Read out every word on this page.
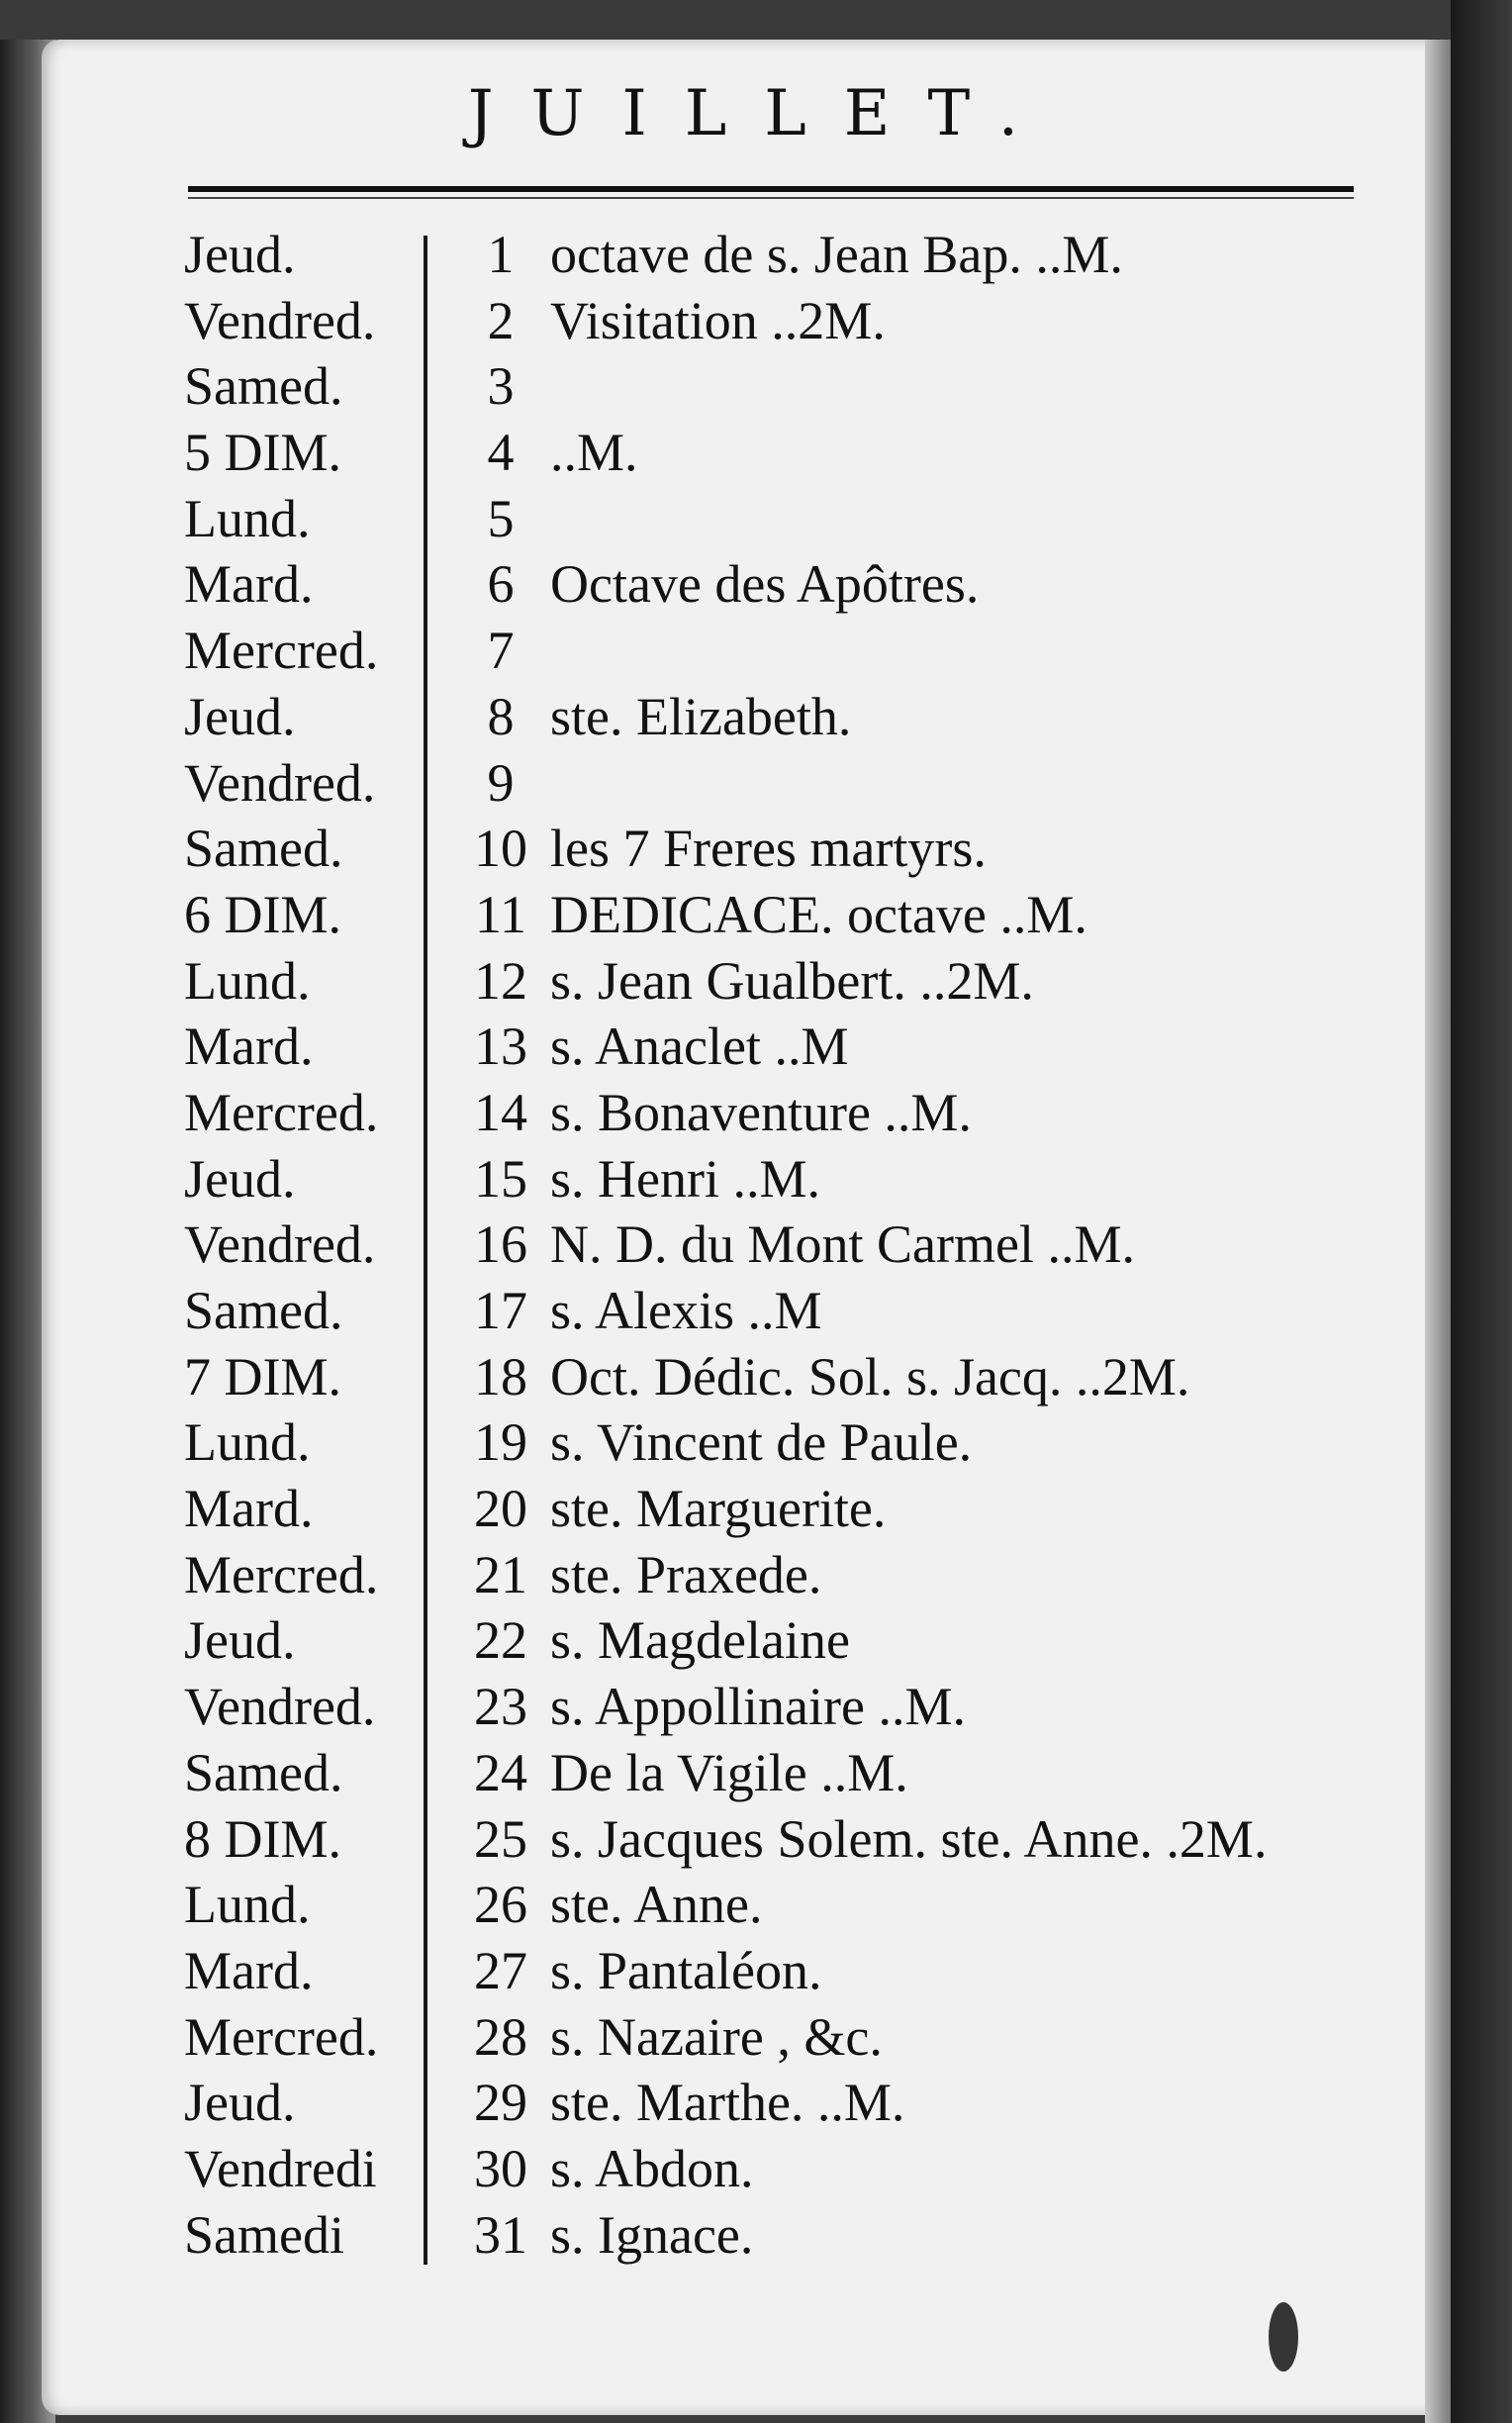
JUILLET.
Jeud.	1 octave de s. Jean Bap. ..M.
Vendred.	2 Visitation ..2M.
Samed.	3
5 DIM.	4 ..M.
Lund.	5
Mard.	6 Octave des Apôtres.
Mercred.	7
Jeud.	8 ste. Elizabeth.
Vendred.	9
Samed. 10 les 7 Freres martyrs.
6 DIM.	11 DEDICACE. octave ..M.
Lund.	12 s. Jean Gualbert. ..2M.
Mard.	13 s. Anaclet ..M
Mercred. 14 s. Bonaventure ..M.
Jeud.	15 s. Henri ..M.
Vendred. 16 N. D. du Mont Carmel ..M.
Samed. 17 s. Alexis ..M
7 DIM. 18 Oct. Dédic. Sol. s. Jacq. ..2M.
Lund.	19 s. Vincent de Paule.
Mard.	20 ste. Marguerite.
Mercred. 21 ste. Praxede.
Jeud.	22 s. Magdelaine
Vendred. 23 s. Appollinaire ..M.
Samed. 24 De la Vigile ..M.
8 DIM. 25 s. Jacques Solem. ste. Anne. .2M.
Lund.	26 ste. Anne.
Mard.	27 s. Pantaléon.
Mercred. 28 s. Nazaire , &c.
Jeud.	29 ste. Marthe. ..M.
Vendredi 30 s. Abdon.
Samedi 31 s. Ignace.
